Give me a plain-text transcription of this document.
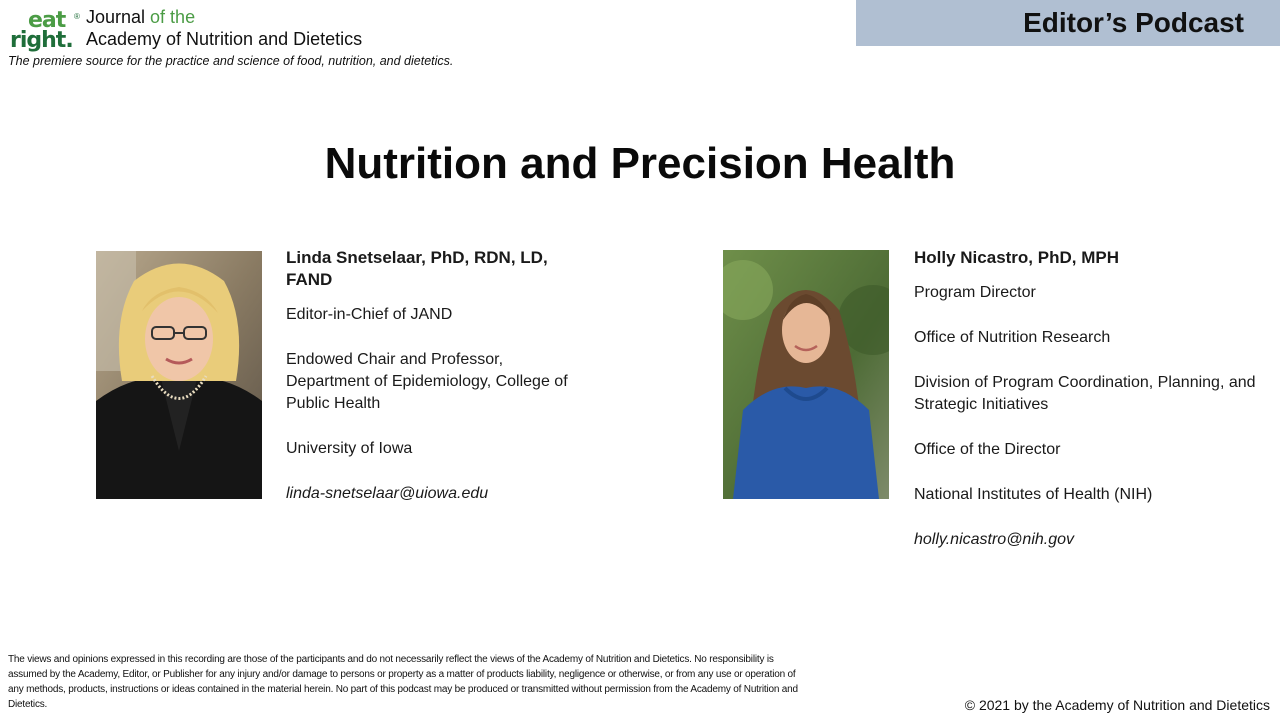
eat ®
right.
Journal of the
Academy of Nutrition and Dietetics
The premiere source for the practice and science of food, nutrition, and dietetics.
Editor’s Podcast
Nutrition and Precision Health

Linda Snetselaar, PhD, RDN, LD, FAND

Editor-in-Chief of JAND

Endowed Chair and Professor, Department of Epidemiology, College of Public Health

University of Iowa

linda-snetselaar@uiowa.edu

Holly Nicastro, PhD, MPH

Program Director

Office of Nutrition Research

Division of Program Coordination, Planning, and Strategic Initiatives

Office of the Director

National Institutes of Health (NIH)

holly.nicastro@nih.gov

The views and opinions expressed in this recording are those of the participants and do not necessarily reflect the views of the Academy of Nutrition and Dietetics. No responsibility is assumed by the Academy, Editor, or Publisher for any injury and/or damage to persons or property as a matter of products liability, negligence or otherwise, or from any use or operation of any methods, products, instructions or ideas contained in the material herein. No part of this podcast may be produced or transmitted without permission from the Academy of Nutrition and Dietetics.	© 2021 by the Academy of Nutrition and Dietetics
